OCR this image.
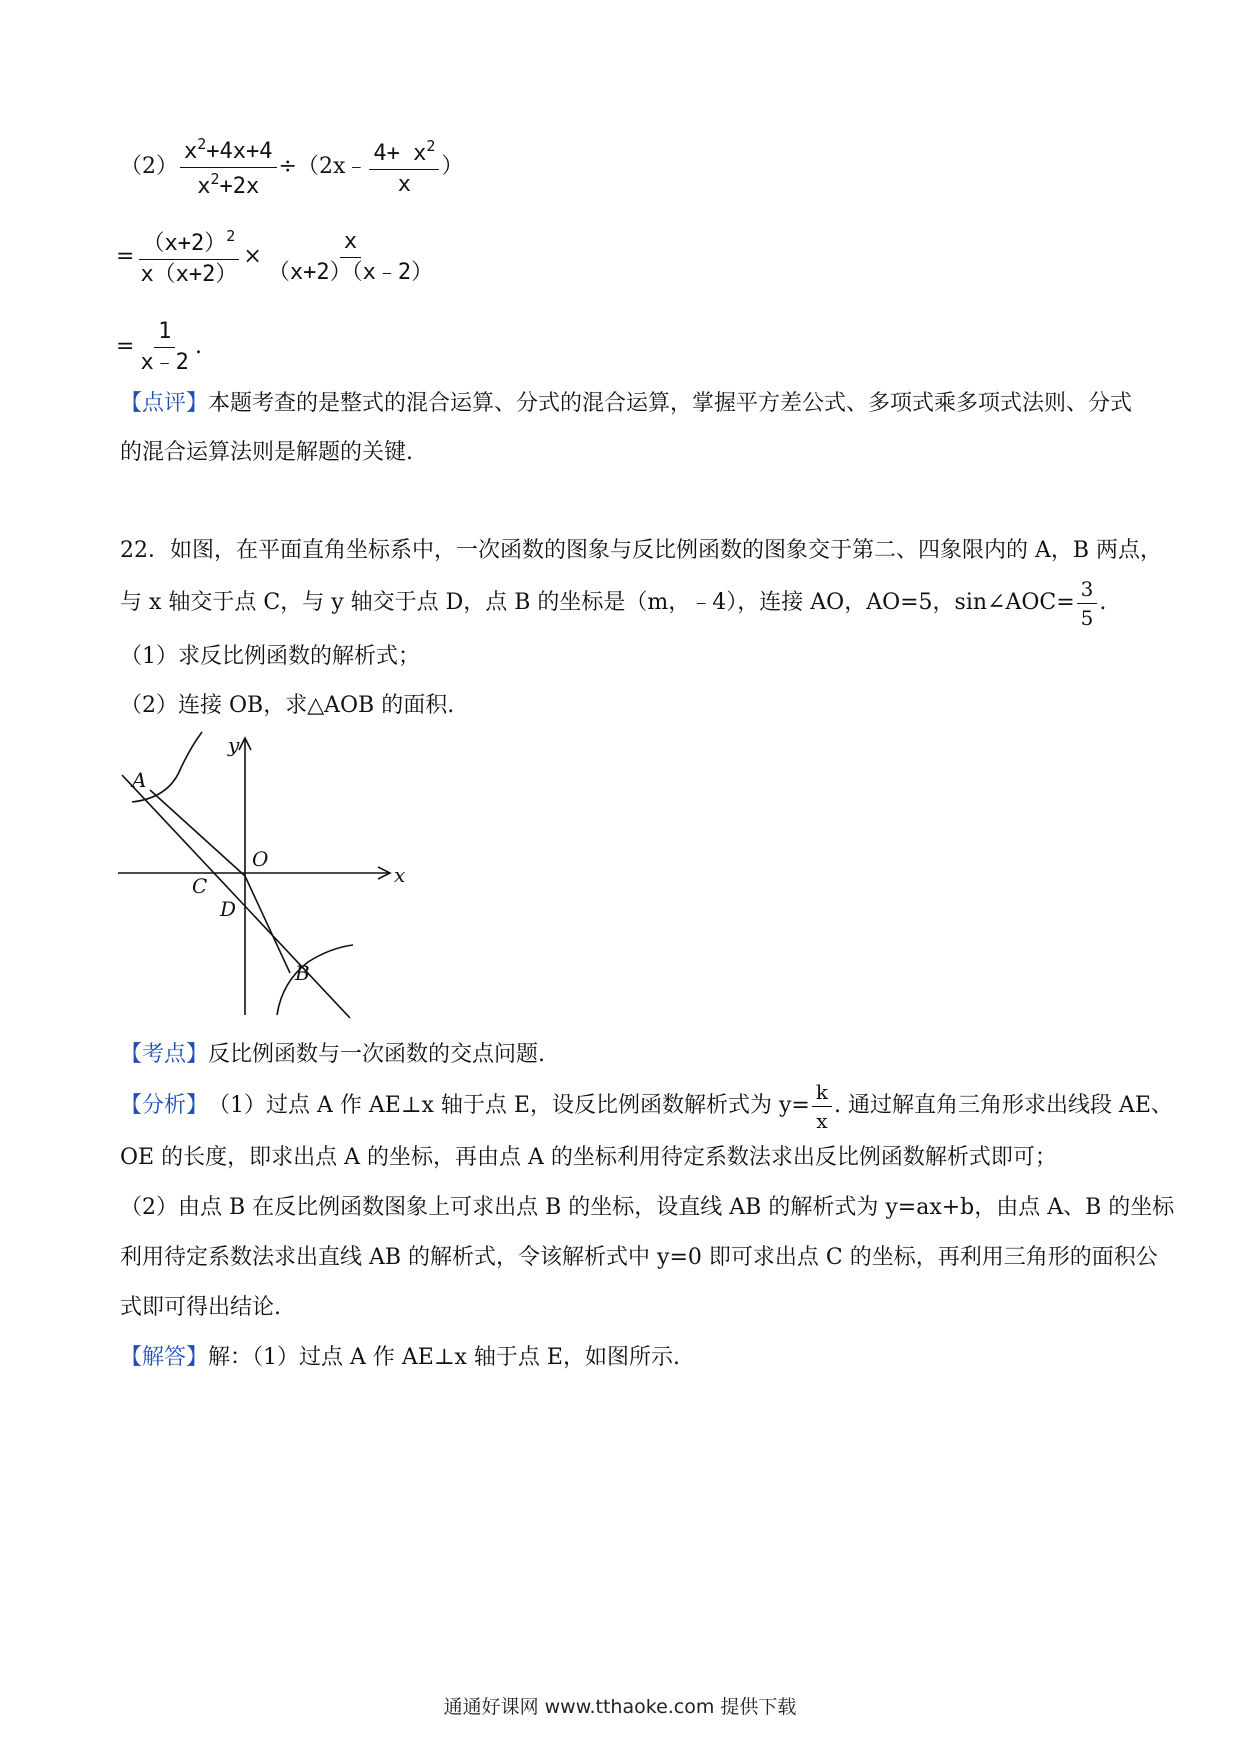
$(2) \frac{x^2+4x+4}{x^2+2x}$ ÷（2x﹣ $\frac{4+ x^2}{x}$ ）
= $\frac{(x+2)^2}{x(x+2)} \times \frac{x}{(x+2)(x﹣2)}$
= $\frac{1}{x﹣2}$ .
【点评】本题考查的是整式的混合运算、分式的混合运算，掌握平方差公式、多项式乘多项式法则、分式
的混合运算法则是解题的关键.
22．如图，在平面直角坐标系中，一次函数的图象与反比例函数的图象交于第二、四象限内的 A，B 两点，
与 x 轴交于点 C，与 y 轴交于点 D，点 B 的坐标是（m，﹣4），连接 AO，AO=5，sin∠AOC= $\frac{3}{5}$ .
（1）求反比例函数的解析式；
（2）连接 OB，求△AOB 的面积.
y
x
A
O
C
D
B
【考点】反比例函数与一次函数的交点问题.
【分析】 （1）过点 A 作 AE⊥x 轴于点 E，设反比例函数解析式为 $y= \frac{k}{x}$ . 通过解直角三角形求出线段 AE、
OE 的长度，即求出点 A 的坐标，再由点 A 的坐标利用待定系数法求出反比例函数解析式即可；
（2）由点 B 在反比例函数图象上可求出点 B 的坐标，设直线 AB 的解析式为 y=ax+b，由点 A、B 的坐标
利用待定系数法求出直线 AB 的解析式，令该解析式中 y=0 即可求出点 C 的坐标，再利用三角形的面积公
式即可得出结论.
【解答】解：（1）过点 A 作 AE⊥x 轴于点 E，如图所示.
通通好课网 www.tthaoke.com 提供下载
